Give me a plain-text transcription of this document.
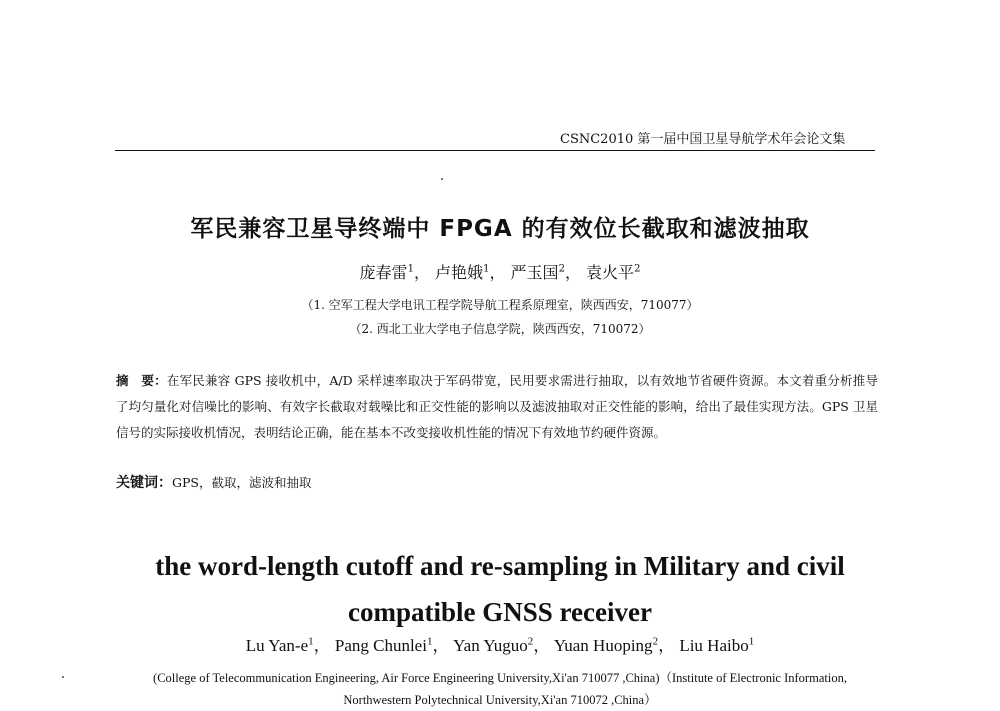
CSNC2010 第一届中国卫星导航学术年会论文集
军民兼容卫星导终端中 FPGA 的有效位长截取和滤波抽取
庞春雷$^1$， 卢艳娥$^1$， 严玉国$^2$， 袁火平$^2$
（1. 空军工程大学电讯工程学院导航工程系原理室，陕西西安，710077）
（2. 西北工业大学电子信息学院，陕西西安，710072）
摘　要：在军民兼容 GPS 接收机中，A/D 采样速率取决于军码带宽，民用要求需进行抽取，以有效地节省硬件资源。本文着重分析推导了均匀量化对信噪比的影响、有效字长截取对载噪比和正交性能的影响以及滤波抽取对正交性能的影响，给出了最佳实现方法。GPS 卫星信号的实际接收机情况，表明结论正确，能在基本不改变接收机性能的情况下有效地节约硬件资源。
关键词：GPS，截取，滤波和抽取
the word-length cutoff and re-sampling in Military and civil compatible GNSS receiver
Lu Yan-$e^1$， Pang Chunlei$^1$， Yan Yuguo$^2$， Yuan Huoping$^2$， Liu Haibo$^1$
(College of Telecommunication Engineering, Air Force Engineering University,Xi'an 710077 ,China)（Institute of Electronic Information, Northwestern Polytechnical University,Xi'an 710072 ,China）
